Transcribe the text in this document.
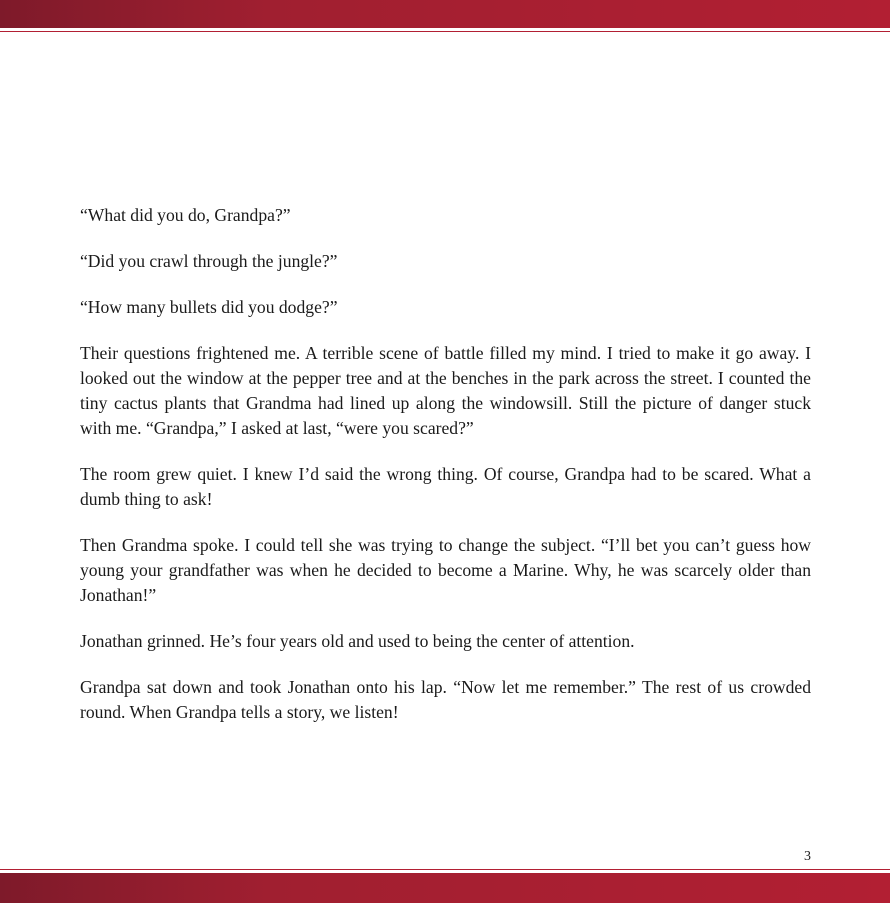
“What did you do, Grandpa?”

“Did you crawl through the jungle?”

“How many bullets did you dodge?”

Their questions frightened me. A terrible scene of battle filled my mind. I tried to make it go away. I looked out the window at the pepper tree and at the benches in the park across the street. I counted the tiny cactus plants that Grandma had lined up along the windowsill. Still the picture of danger stuck with me. “Grandpa,” I asked at last, “were you scared?”

The room grew quiet. I knew I’d said the wrong thing. Of course, Grandpa had to be scared. What a dumb thing to ask!

Then Grandma spoke. I could tell she was trying to change the subject. “I’ll bet you can’t guess how young your grandfather was when he decided to become a Marine. Why, he was scarcely older than Jonathan!”

Jonathan grinned. He’s four years old and used to being the center of attention.

Grandpa sat down and took Jonathan onto his lap. “Now let me remember.” The rest of us crowded round. When Grandpa tells a story, we listen!

3
